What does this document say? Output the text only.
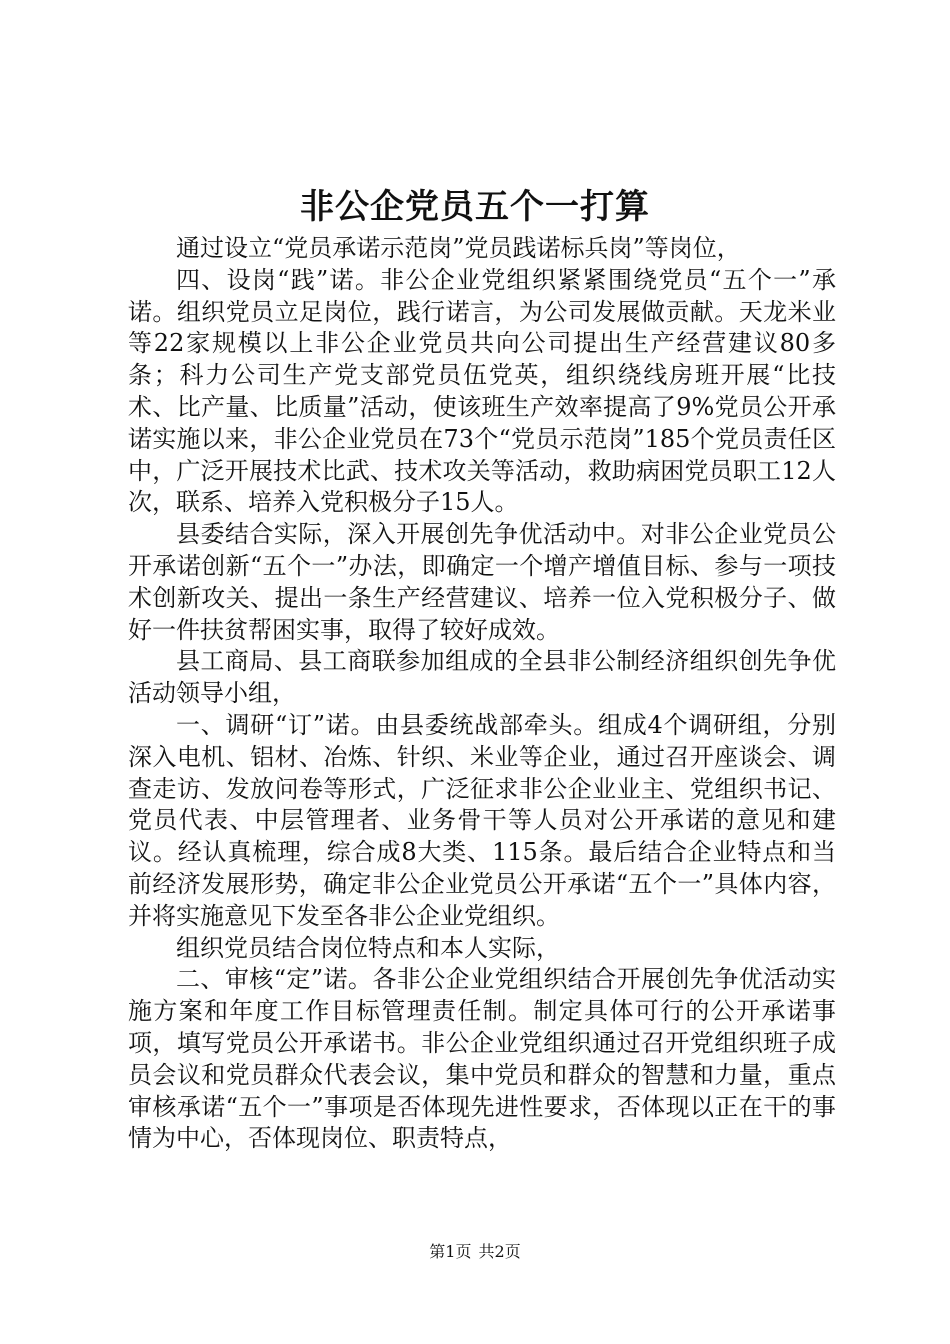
非公企党员五个一打算

通过设立“党员承诺示范岗”党员践诺标兵岗”等岗位，

四、设岗“践”诺。非公企业党组织紧紧围绕党员“五个一”承诺。组织党员立足岗位，践行诺言，为公司发展做贡献。天龙米业等22家规模以上非公企业党员共向公司提出生产经营建议80多条；科力公司生产党支部党员伍党英，组织绕线房班开展“比技术、比产量、比质量”活动，使该班生产效率提高了9%党员公开承诺实施以来，非公企业党员在73个“党员示范岗”185个党员责任区中，广泛开展技术比武、技术攻关等活动，救助病困党员职工12人次，联系、培养入党积极分子15人。

县委结合实际，深入开展创先争优活动中。对非公企业党员公开承诺创新“五个一”办法，即确定一个增产增值目标、参与一项技术创新攻关、提出一条生产经营建议、培养一位入党积极分子、做好一件扶贫帮困实事，取得了较好成效。

县工商局、县工商联参加组成的全县非公制经济组织创先争优活动领导小组，

一、调研“订”诺。由县委统战部牵头。组成4个调研组，分别深入电机、铝材、冶炼、针织、米业等企业，通过召开座谈会、调查走访、发放问卷等形式，广泛征求非公企业业主、党组织书记、党员代表、中层管理者、业务骨干等人员对公开承诺的意见和建议。经认真梳理，综合成8大类、115条。最后结合企业特点和当前经济发展形势，确定非公企业党员公开承诺“五个一”具体内容，并将实施意见下发至各非公企业党组织。

组织党员结合岗位特点和本人实际，

二、审核“定”诺。各非公企业党组织结合开展创先争优活动实施方案和年度工作目标管理责任制。制定具体可行的公开承诺事项，填写党员公开承诺书。非公企业党组织通过召开党组织班子成员会议和党员群众代表会议，集中党员和群众的智慧和力量，重点审核承诺“五个一”事项是否体现先进性要求，否体现以正在干的事情为中心，否体现岗位、职责特点，

第1页 共2页
